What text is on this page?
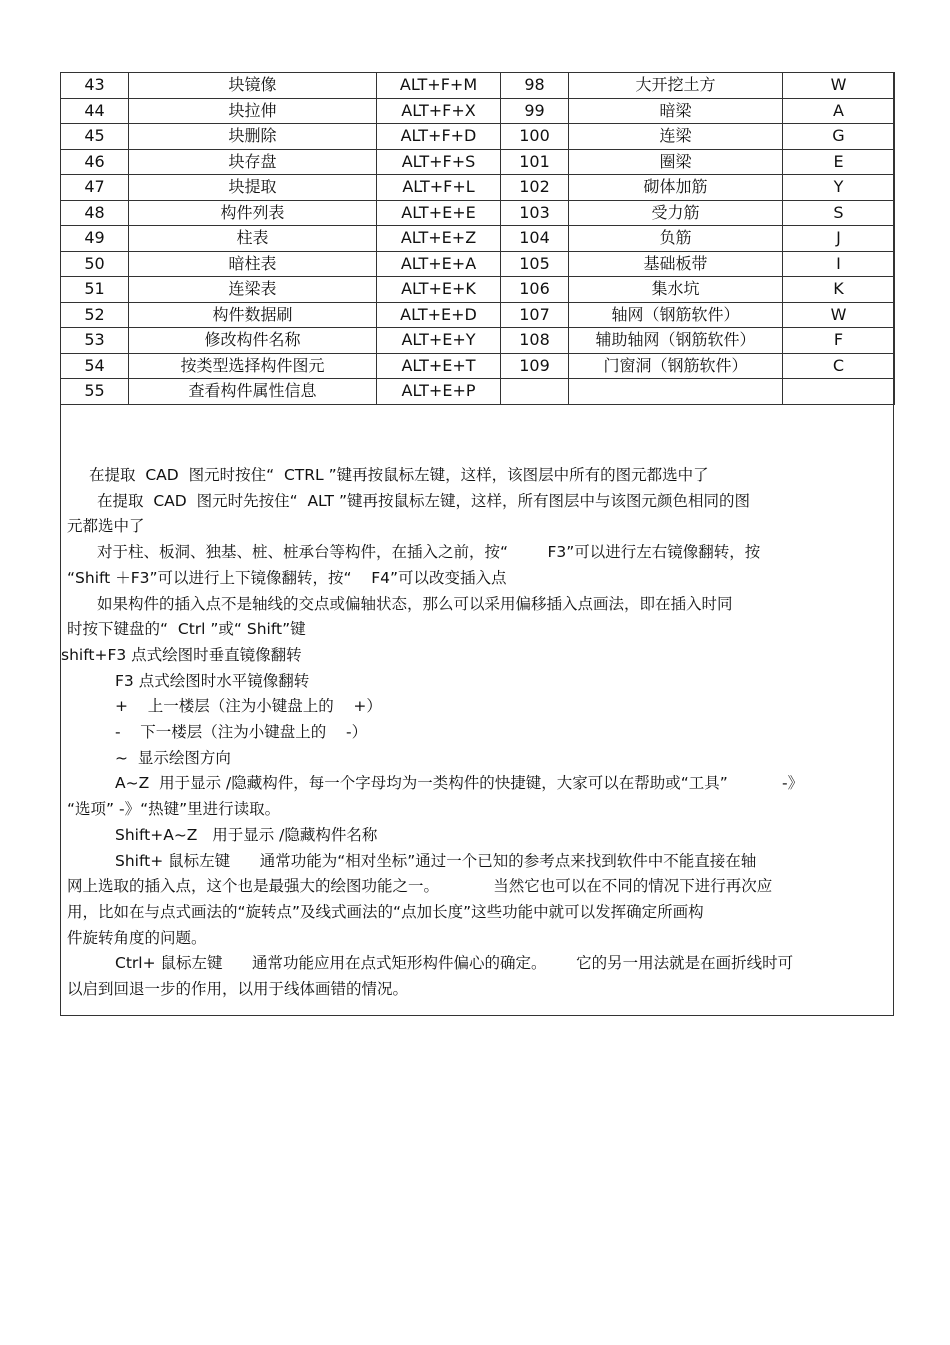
43	块镜像	ALT+F+M	98	大开挖土方	W
44	块拉伸	ALT+F+X	99	暗梁	A
45	块删除	ALT+F+D	100	连梁	G
46	块存盘	ALT+F+S	101	圈梁	E
47	块提取	ALT+F+L	102	砌体加筋	Y
48	构件列表	ALT+E+E	103	受力筋	S
49	柱表	ALT+E+Z	104	负筋	J
50	暗柱表	ALT+E+A	105	基础板带	I
51	连梁表	ALT+E+K	106	集水坑	K
52	构件数据刷	ALT+E+D	107	轴网（钢筋软件）	W
53	修改构件名称	ALT+E+Y	108	辅助轴网（钢筋软件）	F
54	按类型选择构件图元	ALT+E+T	109	门窗洞（钢筋软件）	C
55	查看构件属性信息	ALT+E+P			

在提取  CAD  图元时按住“  CTRL ”键再按鼠标左键，这样，该图层中所有的图元都选中了

在提取  CAD  图元时先按住“  ALT ”键再按鼠标左键，这样，所有图层中与该图元颜色相同的图

元都选中了

对于柱、板洞、独基、桩、桩承台等构件，在插入之前，按“        F3”可以进行左右镜像翻转，按

“Shift ＋F3”可以进行上下镜像翻转，按“    F4”可以改变插入点

如果构件的插入点不是轴线的交点或偏轴状态，那么可以采用偏移插入点画法，即在插入时同

时按下键盘的“  Ctrl ”或“ Shift”键

shift+F3 点式绘图时垂直镜像翻转

F3 点式绘图时水平镜像翻转

+    上一楼层（注为小键盘上的    +）

-    下一楼层（注为小键盘上的    -）

~  显示绘图方向

A~Z  用于显示 /隐藏构件，每一个字母均为一类构件的快捷键，大家可以在帮助或“工具”           -》

“选项” -》“热键”里进行读取。

Shift+A~Z   用于显示 /隐藏构件名称

Shift+ 鼠标左键      通常功能为“相对坐标”通过一个已知的参考点来找到软件中不能直接在轴

网上选取的插入点，这个也是最强大的绘图功能之一。           当然它也可以在不同的情况下进行再次应

用，比如在与点式画法的“旋转点”及线式画法的“点加长度”这些功能中就可以发挥确定所画构

件旋转角度的问题。

Ctrl+ 鼠标左键      通常功能应用在点式矩形构件偏心的确定。      它的另一用法就是在画折线时可

以启到回退一步的作用，以用于线体画错的情况。
